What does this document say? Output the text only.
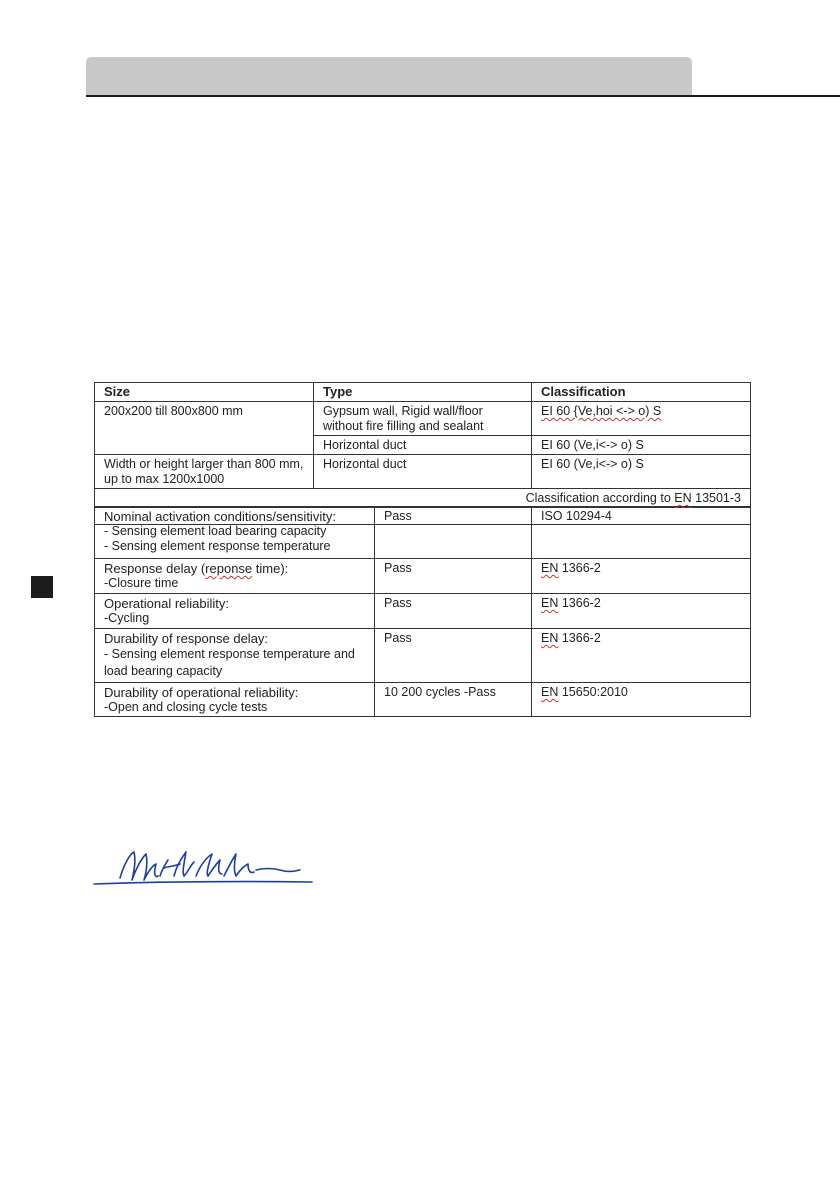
Size	Type	Classification
200x200 till 800x800 mm	Gypsum wall, Rigid wall/floor without fire filling and sealant	EI 60 {Ve,hoi <-> o) S
	Horizontal duct	EI 60 (Ve,i<-> o) S
Width or height larger than 800 mm, up to max 1200x1000	Horizontal duct	EI 60 (Ve,i<-> o) S
Classification according to EN 13501-3		

Nominal activation conditions/sensitivity:
- Sensing element load bearing capacity
- Sensing element response temperature	Pass	ISO 10294-4

Response delay (reponse time):
-Closure time	Pass	EN 1366-2

Operational reliability:
-Cycling	Pass	EN 1366-2

Durability of response delay:
- Sensing element response temperature and load bearing capacity	Pass	EN 1366-2

Durability of operational reliability:
-Open and closing cycle tests	10 200 cycles -Pass	EN 15650:2010
